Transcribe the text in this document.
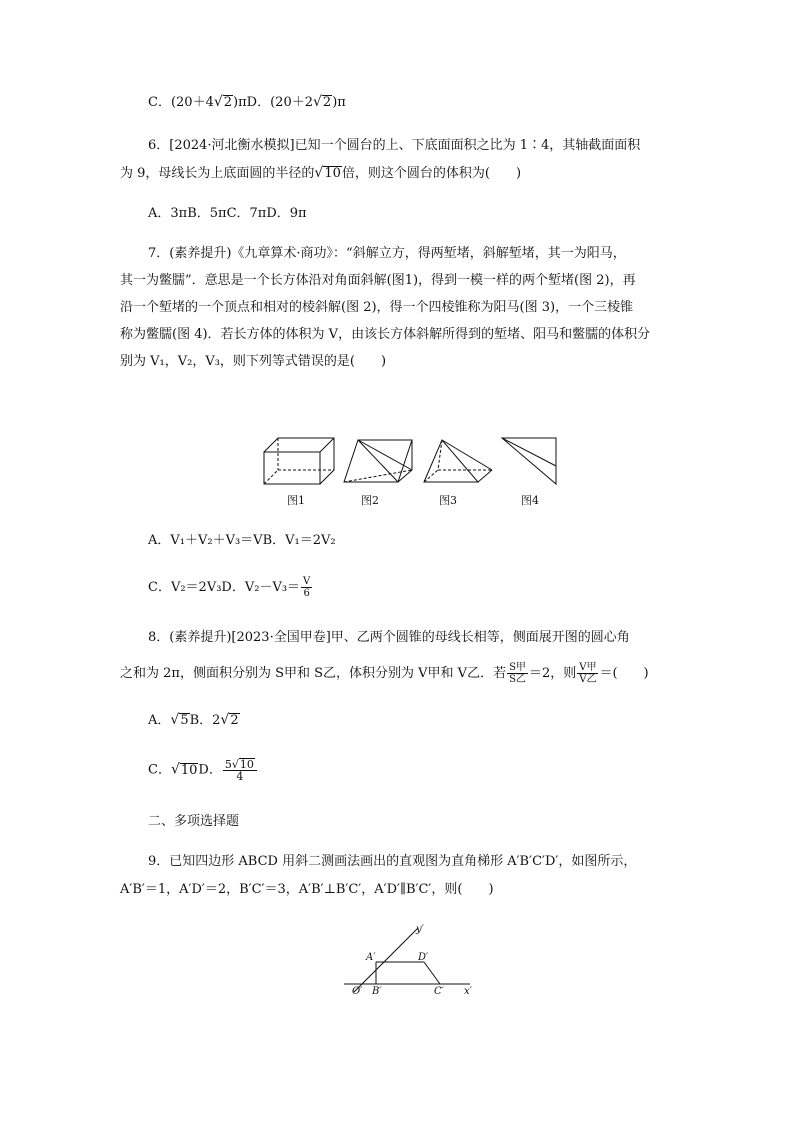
C．(20＋4√2)πD．(20＋2√2)π
6．[2024·河北衡水模拟]已知一个圆台的上、下底面面积之比为 1∶4，其轴截面面积
为 9，母线长为上底面圆的半径的√10倍，则这个圆台的体积为(　　)
A．3πB．5πC．7πD．9π
7．(素养提升)《九章算术·商功》：“斜解立方，得两堑堵，斜解堑堵，其一为阳马，
其一为鳖臑”．意思是一个长方体沿对角面斜解(图1)，得到一模一样的两个堑堵(图 2)，再
沿一个堑堵的一个顶点和相对的棱斜解(图 2)，得一个四棱锥称为阳马(图 3)，一个三棱锥
称为鳖臑(图 4)．若长方体的体积为 V，由该长方体斜解所得到的堑堵、阳马和鳖臑的体积分
别为 V₁，V₂，V₃，则下列等式错误的是(　　)
图1	图2	图3	图4
A．V₁＋V₂＋V₃＝VB．V₁＝2V₂
C．V₂＝2V₃D．$V_2-V_3= \frac{V}{6}$
8．(素养提升)[2023·全国甲卷]甲、乙两个圆锥的母线长相等，侧面展开图的圆心角
之和为 2π，侧面积分别为 S甲和 S乙，体积分别为 V甲和 V乙．若 $\frac{\text{S甲}}{\text{S乙}} =2$，则 $\frac{\text{V甲}}{\text{V乙}}$ ＝(　　)
A．√5B．2√2
C．√10D． $\frac{5√10}{4}$
二、多项选择题
9．已知四边形 ABCD 用斜二测画法画出的直观图为直角梯形 A′B′C′D′，如图所示，
A′B′＝1，A′D′＝2，B′C′＝3，A′B′⊥B′C′，A′D′∥B′C′，则(　　)
y′
A′	D′
O′ B′	C′ x′
